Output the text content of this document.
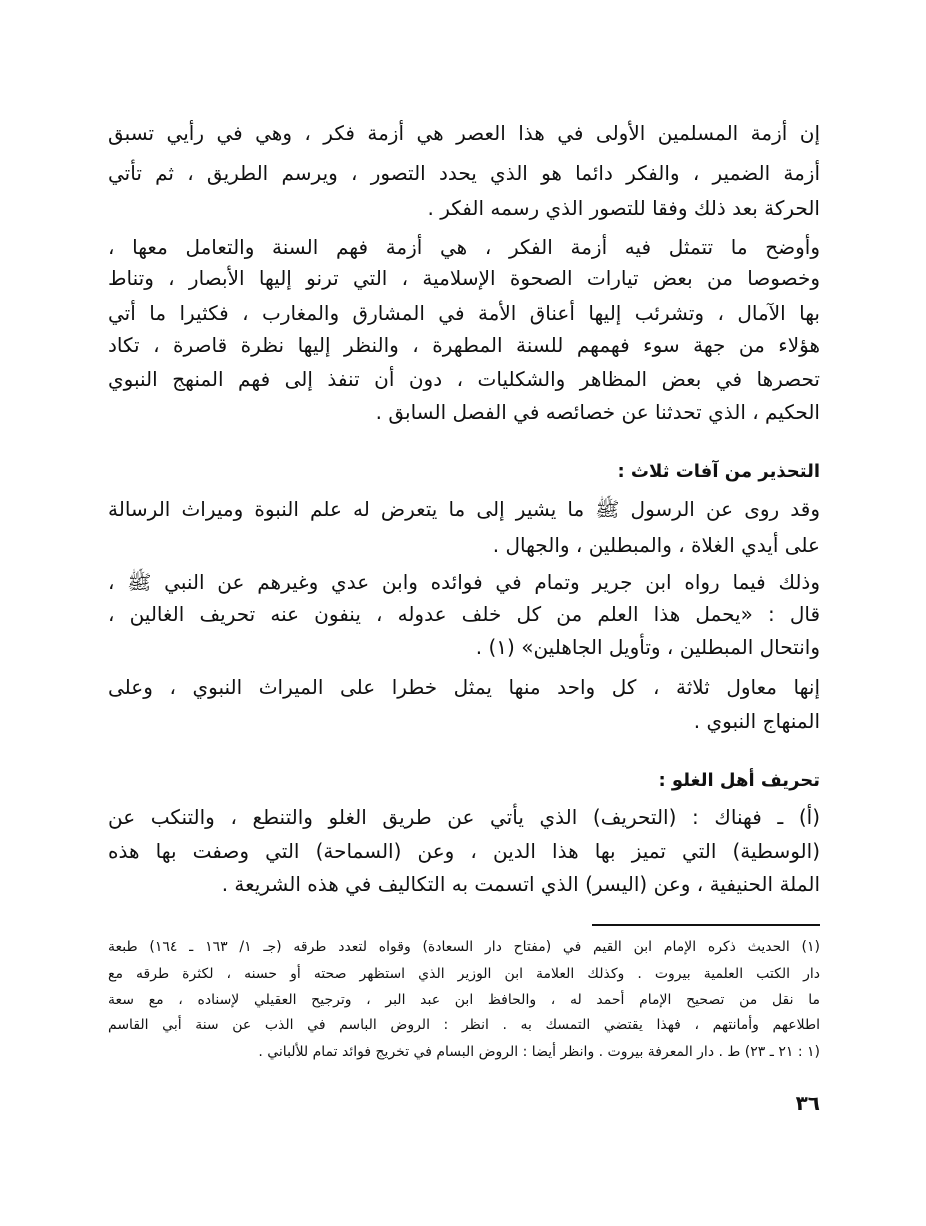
إن أزمة المسلمين الأولى في هذا العصر هي أزمة فكر ، وهي في رأيي تسبق
أزمة الضمير ، والفكر دائما هو الذي يحدد التصور ، ويرسم الطريق ، ثم تأتي
الحركة بعد ذلك وفقا للتصور الذي رسمه الفكر .
وأوضح ما تتمثل فيه أزمة الفكر ، هي أزمة فهم السنة والتعامل معها ،
وخصوصا من بعض تيارات الصحوة الإسلامية ، التي ترنو إليها الأبصار ، وتناط
بها الآمال ، وتشرئب إليها أعناق الأمة في المشارق والمغارب ، فكثيرا ما أتي
هؤلاء من جهة سوء فهمهم للسنة المطهرة ، والنظر إليها نظرة قاصرة ، تكاد
تحصرها في بعض المظاهر والشكليات ، دون أن تنفذ إلى فهم المنهج النبوي
الحكيم ، الذي تحدثنا عن خصائصه في الفصل السابق .
التحذير من آفات ثلاث :
وقد روى عن الرسول ﷺ ما يشير إلى ما يتعرض له علم النبوة وميراث الرسالة
على أيدي الغلاة ، والمبطلين ، والجهال .
وذلك فيما رواه ابن جرير وتمام في فوائده وابن عدي وغيرهم عن النبي ﷺ ،
قال : «يحمل هذا العلم من كل خلف عدوله ، ينفون عنه تحريف الغالين ،
وانتحال المبطلين ، وتأويل الجاهلين» (١) .
إنها معاول ثلاثة ، كل واحد منها يمثل خطرا على الميراث النبوي ، وعلى
المنهاج النبوي .
تحريف أهل الغلو :
(أ) ـ فهناك : (التحريف) الذي يأتي عن طريق الغلو والتنطع ، والتنكب عن
(الوسطية) التي تميز بها هذا الدين ، وعن (السماحة) التي وصفت بها هذه
الملة الحنيفية ، وعن (اليسر) الذي اتسمت به التكاليف في هذه الشريعة .
(١) الحديث ذكره الإمام ابن القيم في (مفتاح دار السعادة) وقواه لتعدد طرقه (جـ ١/ ١٦٣ ـ ١٦٤) طبعة
دار الكتب العلمية بيروت . وكذلك العلامة ابن الوزير الذي استظهر صحته أو حسنه ، لكثرة طرقه مع
ما نقل من تصحيح الإمام أحمد له ، والحافظ ابن عبد البر ، وترجيح العقيلي لإسناده ، مع سعة
اطلاعهم وأمانتهم ، فهذا يقتضي التمسك به . انظر : الروض الباسم في الذب عن سنة أبي القاسم
(١ : ٢١ ـ ٢٣) ط . دار المعرفة بيروت . وانظر أيضا : الروض البسام في تخريج فوائد تمام للألباني .
٣٦
